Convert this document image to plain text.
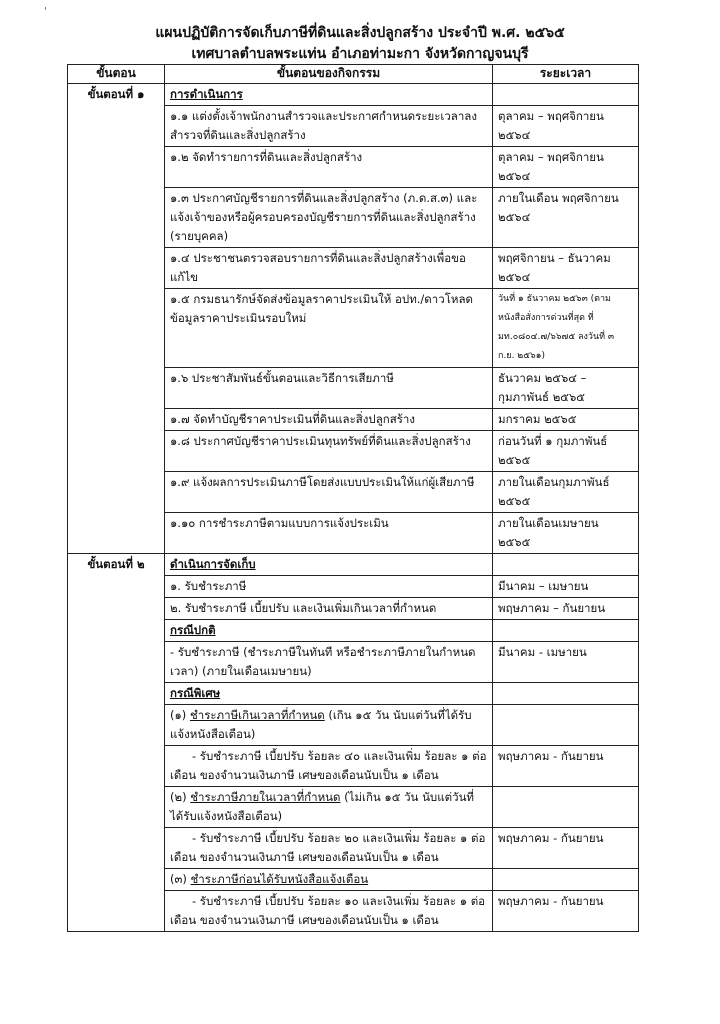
'
แผนปฏิบัติการจัดเก็บภาษีที่ดินและสิ่งปลูกสร้าง ประจำปี พ.ศ. ๒๕๖๕
เทศบาลตำบลพระแท่น อำเภอท่ามะกา จังหวัดกาญจนบุรี
ขั้นตอน	ขั้นตอนของกิจกรรม	ระยะเวลา
ขั้นตอนที่ ๑	การดำเนินการ	
	๑.๑ แต่งตั้งเจ้าพนักงานสำรวจและประกาศกำหนดระยะเวลาลงสำรวจที่ดินและสิ่งปลูกสร้าง	ตุลาคม – พฤศจิกายน ๒๕๖๔
	๑.๒ จัดทำรายการที่ดินและสิ่งปลูกสร้าง	ตุลาคม – พฤศจิกายน ๒๕๖๔
	๑.๓ ประกาศบัญชีรายการที่ดินและสิ่งปลูกสร้าง (ภ.ด.ส.๓) และแจ้งเจ้าของหรือผู้ครอบครองบัญชีรายการที่ดินและสิ่งปลูกสร้าง (รายบุคคล)	ภายในเดือน พฤศจิกายน ๒๕๖๔
	๑.๔ ประชาชนตรวจสอบรายการที่ดินและสิ่งปลูกสร้างเพื่อขอแก้ไข	พฤศจิกายน – ธันวาคม ๒๕๖๔
	๑.๕ กรมธนารักษ์จัดส่งข้อมูลราคาประเมินให้ อปท./ดาวโหลดข้อมูลราคาประเมินรอบใหม่	วันที่ ๑ ธันวาคม ๒๕๖๓ (ตามหนังสือสั่งการด่วนที่สุด ที่ มท.๐๘๐๔.๗/๖๖๗๕ ลงวันที่ ๓ ก.ย. ๒๕๖๑)
	๑.๖ ประชาสัมพันธ์ขั้นตอนและวิธีการเสียภาษี	ธันวาคม ๒๕๖๔ – กุมภาพันธ์ ๒๕๖๕
	๑.๗ จัดทำบัญชีราคาประเมินที่ดินและสิ่งปลูกสร้าง	มกราคม ๒๕๖๕
	๑.๘ ประกาศบัญชีราคาประเมินทุนทรัพย์ที่ดินและสิ่งปลูกสร้าง	ก่อนวันที่ ๑ กุมภาพันธ์ ๒๕๖๕
	๑.๙ แจ้งผลการประเมินภาษีโดยส่งแบบประเมินให้แก่ผู้เสียภาษี	ภายในเดือนกุมภาพันธ์ ๒๕๖๕
	๑.๑๐ การชำระภาษีตามแบบการแจ้งประเมิน	ภายในเดือนเมษายน ๒๕๖๕
ขั้นตอนที่ ๒	ดำเนินการจัดเก็บ	
	๑. รับชำระภาษี	มีนาคม – เมษายน
	๒. รับชำระภาษี เบี้ยปรับ และเงินเพิ่มเกินเวลาที่กำหนด	พฤษภาคม – กันยายน
	กรณีปกติ	
	- รับชำระภาษี (ชำระภาษีในทันที หรือชำระภาษีภายในกำหนดเวลา) (ภายในเดือนเมษายน)	มีนาคม - เมษายน
	กรณีพิเศษ	
	(๑) ชำระภาษีเกินเวลาที่กำหนด (เกิน ๑๕ วัน นับแต่วันที่ได้รับแจ้งหนังสือเตือน)	
	- รับชำระภาษี เบี้ยปรับ ร้อยละ ๔๐ และเงินเพิ่ม ร้อยละ ๑ ต่อเดือน ของจำนวนเงินภาษี เศษของเดือนนับเป็น ๑ เดือน	พฤษภาคม - กันยายน
	(๒) ชำระภาษีภายในเวลาที่กำหนด (ไม่เกิน ๑๕ วัน นับแต่วันที่ได้รับแจ้งหนังสือเตือน)	
	- รับชำระภาษี เบี้ยปรับ ร้อยละ ๒๐ และเงินเพิ่ม ร้อยละ ๑ ต่อเดือน ของจำนวนเงินภาษี เศษของเดือนนับเป็น ๑ เดือน	พฤษภาคม - กันยายน
	(๓) ชำระภาษีก่อนได้รับหนังสือแจ้งเตือน	
	- รับชำระภาษี เบี้ยปรับ ร้อยละ ๑๐ และเงินเพิ่ม ร้อยละ ๑ ต่อเดือน ของจำนวนเงินภาษี เศษของเดือนนับเป็น ๑ เดือน	พฤษภาคม - กันยายน
